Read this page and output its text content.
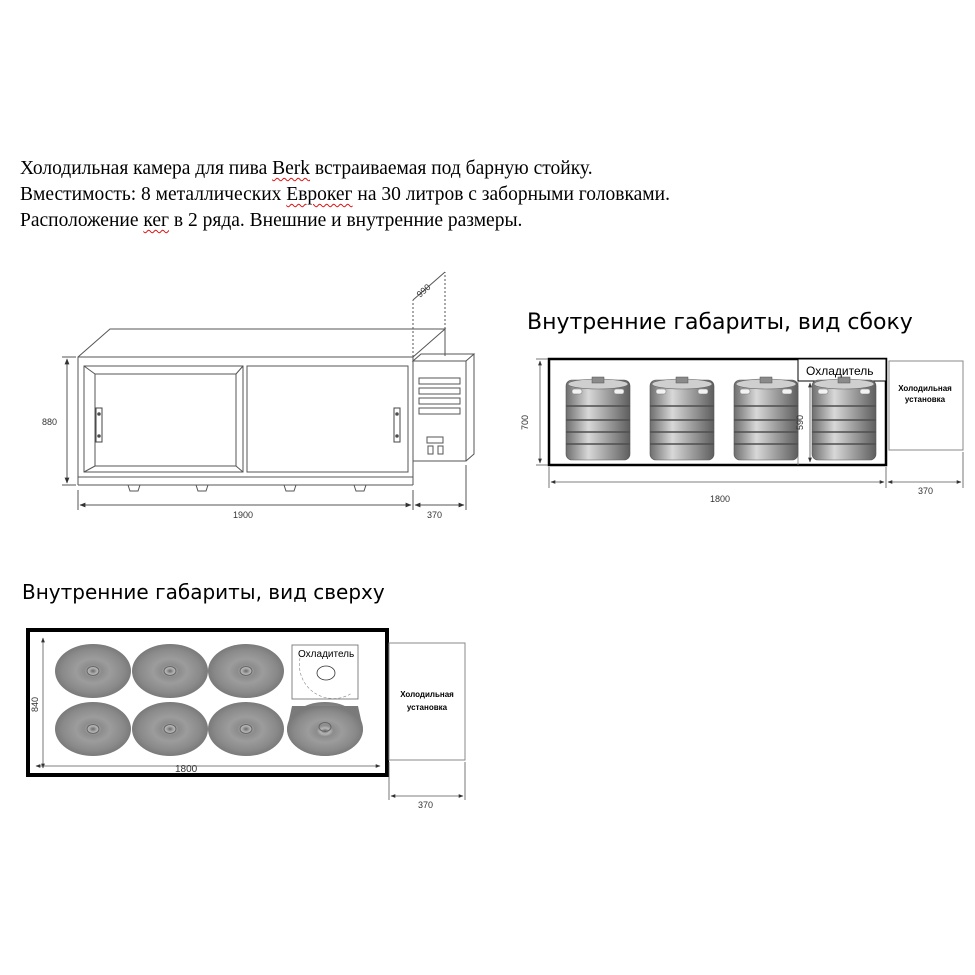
Холодильная камера для пива Berk встраиваемая под барную стойку.
Вместимость: 8 металлических Еврокег на 30 литров с заборными головками.
Расположение кег в 2 ряда. Внешние и внутренние размеры.
Внутренние габариты, вид сбоку
Внутренние габариты, вид сверху
990
880
1900	370
Охладитель
Холодильная
установка
700	590
1800
370
Охладитель
Холодильная
установка
840
1800
370
